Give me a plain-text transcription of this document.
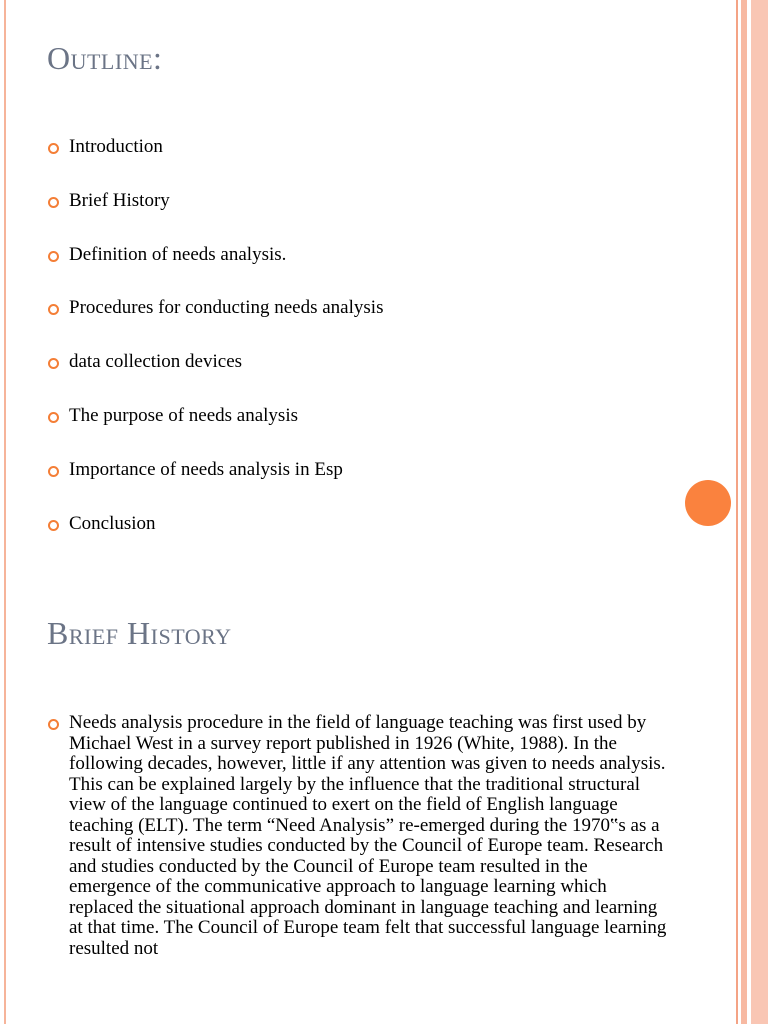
Outline:
Introduction
Brief History
Definition of needs analysis.
Procedures for conducting needs analysis
data collection devices
The purpose of needs analysis
Importance of needs analysis in Esp
Conclusion
Brief History
Needs analysis procedure in the field of language teaching was first used by Michael West in a survey report published in 1926 (White, 1988). In the following decades, however, little if any attention was given to needs analysis. This can be explained largely by the influence that the traditional structural view of the language continued to exert on the field of English language teaching (ELT). The term “Need Analysis” re-emerged during the 1970‟s as a result of intensive studies conducted by the Council of Europe team. Research and studies conducted by the Council of Europe team resulted in the emergence of the communicative approach to language learning which replaced the situational approach dominant in language teaching and learning at that time. The Council of Europe team felt that successful language learning resulted not
